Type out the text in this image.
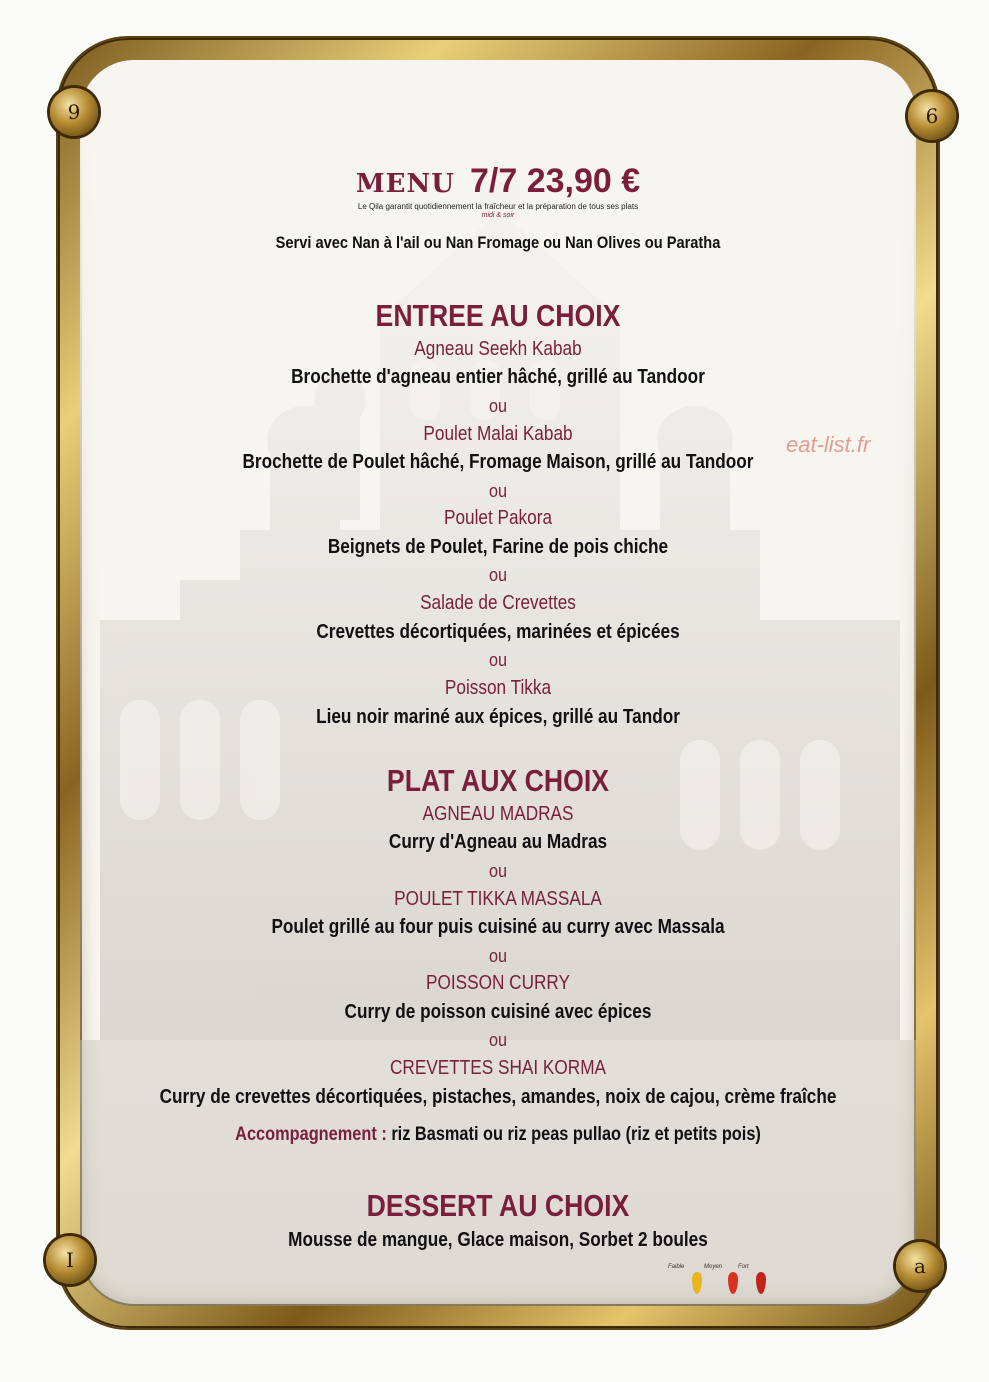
9	6
I	a
MENU 7/7 23,90 €
Le Qila garantit quotidiennement la fraîcheur et la préparation de tous ses plats
midi & soir
Servi avec Nan à l'ail ou Nan Fromage ou Nan Olives ou Paratha
ENTREE AU CHOIX
Agneau Seekh Kabab
Brochette d'agneau entier hâché, grillé au Tandoor
ou
Poulet Malai Kabab
Brochette de Poulet hâché, Fromage Maison, grillé au Tandoor
ou
Poulet Pakora
Beignets de Poulet, Farine de pois chiche
ou
Salade de Crevettes
Crevettes décortiquées, marinées et épicées
ou
Poisson Tikka
Lieu noir mariné aux épices, grillé au Tandor
PLAT AUX CHOIX
AGNEAU MADRAS
Curry d'Agneau au Madras
ou
POULET TIKKA MASSALA
Poulet grillé au four puis cuisiné au curry avec Massala
ou
POISSON CURRY
Curry de poisson cuisiné avec épices
ou
CREVETTES SHAI KORMA
Curry de crevettes décortiquées, pistaches, amandes, noix de cajou, crème fraîche
Accompagnement : riz Basmati ou riz peas pullao (riz et petits pois)
DESSERT AU CHOIX
Mousse de mangue, Glace maison, Sorbet 2 boules
eat-list.fr
Faible	Moyen	Fort
